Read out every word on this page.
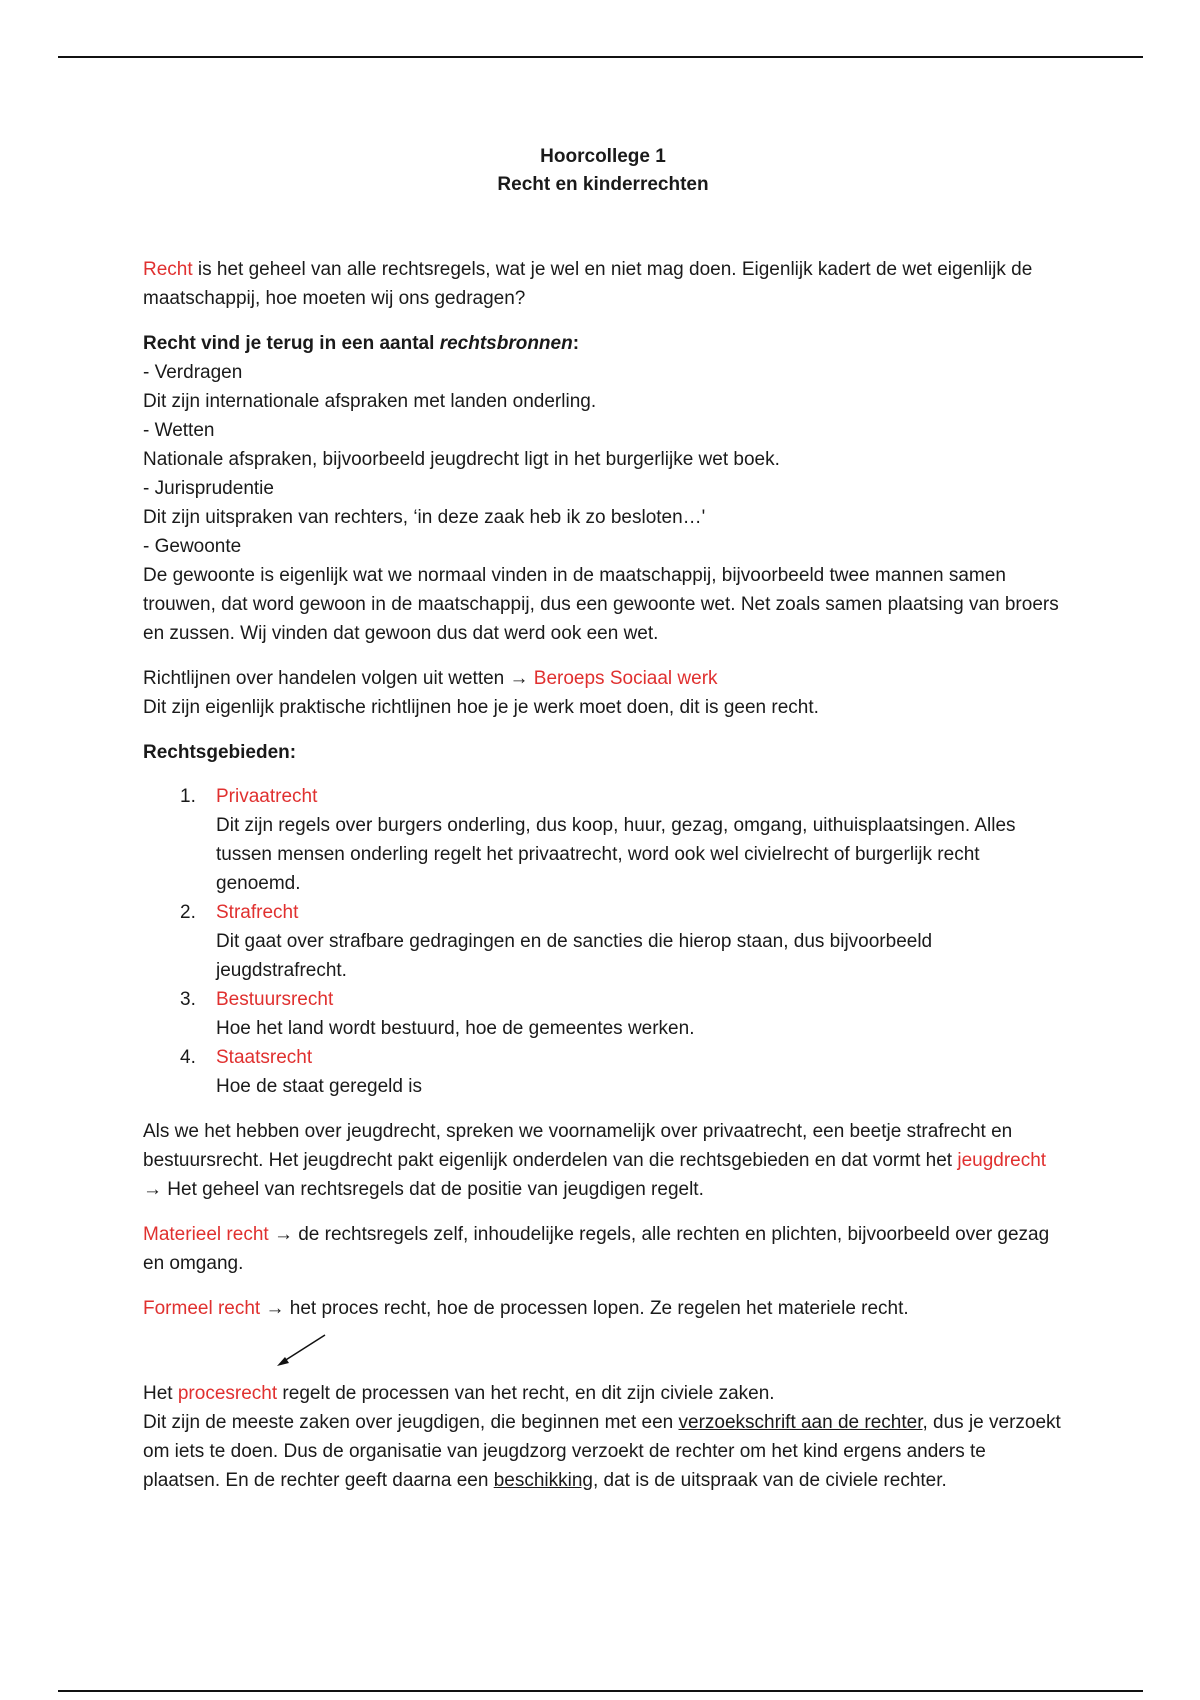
Hoorcollege 1
Recht en kinderrechten

Recht is het geheel van alle rechtsregels, wat je wel en niet mag doen. Eigenlijk kadert de wet eigenlijk de maatschappij, hoe moeten wij ons gedragen?

Recht vind je terug in een aantal rechtsbronnen:

- Verdragen

Dit zijn internationale afspraken met landen onderling.

- Wetten

Nationale afspraken, bijvoorbeeld jeugdrecht ligt in het burgerlijke wet boek.

- Jurisprudentie

Dit zijn uitspraken van rechters, ‘in deze zaak heb ik zo besloten…'

- Gewoonte

De gewoonte is eigenlijk wat we normaal vinden in de maatschappij, bijvoorbeeld twee mannen samen trouwen, dat word gewoon in de maatschappij, dus een gewoonte wet. Net zoals samen plaatsing van broers en zussen. Wij vinden dat gewoon dus dat werd ook een wet.

Richtlijnen over handelen volgen uit wetten → Beroeps Sociaal werk

Dit zijn eigenlijk praktische richtlijnen hoe je je werk moet doen, dit is geen recht.

Rechtsgebieden:

1. Privaatrecht
Dit zijn regels over burgers onderling, dus koop, huur, gezag, omgang, uithuisplaatsingen. Alles tussen mensen onderling regelt het privaatrecht, word ook wel civielrecht of burgerlijk recht genoemd.
2. Strafrecht
Dit gaat over strafbare gedragingen en de sancties die hierop staan, dus bijvoorbeeld jeugdstrafrecht.
3. Bestuursrecht
Hoe het land wordt bestuurd, hoe de gemeentes werken.
4. Staatsrecht
Hoe de staat geregeld is

Als we het hebben over jeugdrecht, spreken we voornamelijk over privaatrecht, een beetje strafrecht en bestuursrecht. Het jeugdrecht pakt eigenlijk onderdelen van die rechtsgebieden en dat vormt het jeugdrecht → Het geheel van rechtsregels dat de positie van jeugdigen regelt.

Materieel recht → de rechtsregels zelf, inhoudelijke regels, alle rechten en plichten, bijvoorbeeld over gezag en omgang.

Formeel recht → het proces recht, hoe de processen lopen. Ze regelen het materiele recht.

Het procesrecht regelt de processen van het recht, en dit zijn civiele zaken.

Dit zijn de meeste zaken over jeugdigen, die beginnen met een verzoekschrift aan de rechter, dus je verzoekt om iets te doen. Dus de organisatie van jeugdzorg verzoekt de rechter om het kind ergens anders te plaatsen. En de rechter geeft daarna een beschikking, dat is de uitspraak van de civiele rechter.
